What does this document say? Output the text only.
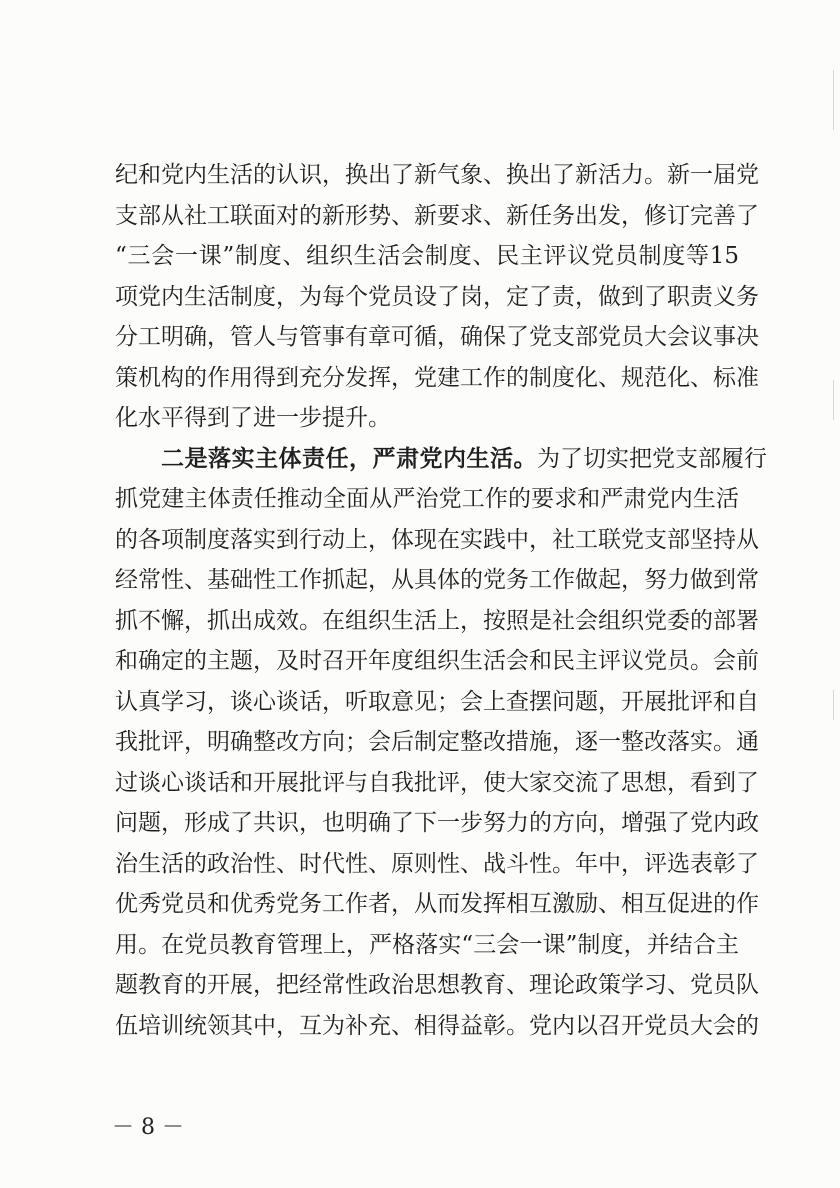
纪和党内生活的认识，换出了新气象、换出了新活力。新一届党
支部从社工联面对的新形势、新要求、新任务出发，修订完善了
“三会一课”制度、组织生活会制度、民主评议党员制度等15
项党内生活制度，为每个党员设了岗，定了责，做到了职责义务
分工明确，管人与管事有章可循，确保了党支部党员大会议事决
策机构的作用得到充分发挥，党建工作的制度化、规范化、标准
化水平得到了进一步提升。
二是落实主体责任，严肃党内生活。为了切实把党支部履行
抓党建主体责任推动全面从严治党工作的要求和严肃党内生活
的各项制度落实到行动上，体现在实践中，社工联党支部坚持从
经常性、基础性工作抓起，从具体的党务工作做起，努力做到常
抓不懈，抓出成效。在组织生活上，按照是社会组织党委的部署
和确定的主题，及时召开年度组织生活会和民主评议党员。会前
认真学习，谈心谈话，听取意见；会上查摆问题，开展批评和自
我批评，明确整改方向；会后制定整改措施，逐一整改落实。通
过谈心谈话和开展批评与自我批评，使大家交流了思想，看到了
问题，形成了共识，也明确了下一步努力的方向，增强了党内政
治生活的政治性、时代性、原则性、战斗性。年中，评选表彰了
优秀党员和优秀党务工作者，从而发挥相互激励、相互促进的作
用。在党员教育管理上，严格落实“三会一课”制度，并结合主
题教育的开展，把经常性政治思想教育、理论政策学习、党员队
伍培训统领其中，互为补充、相得益彰。党内以召开党员大会的
－ 8 －
